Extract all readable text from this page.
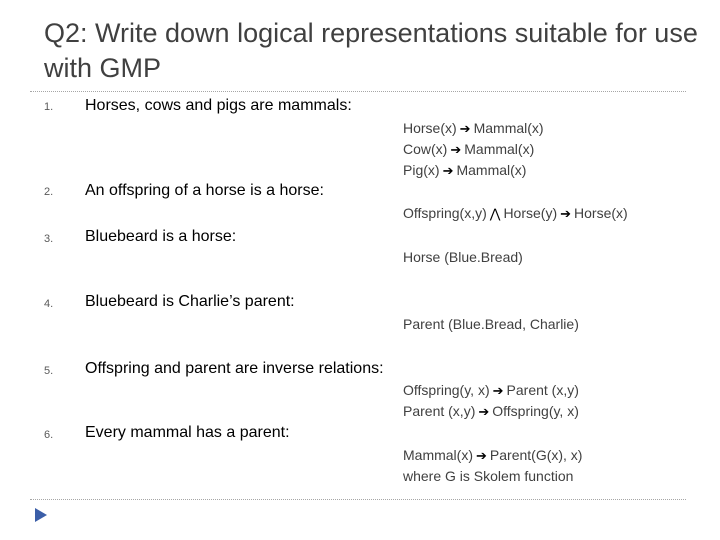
Q2: Write down logical representations suitable for use with GMP
1. Horses, cows and pigs are mammals:
Horse(x) ➔ Mammal(x)
Cow(x) ➔ Mammal(x)
Pig(x) ➔ Mammal(x)
2. An offspring of a horse is a horse:
Offspring(x,y) ⋀ Horse(y) ➔ Horse(x)
3. Bluebeard is a horse:
Horse (Blue.Bread)
4. Bluebeard is Charlie’s parent:
Parent (Blue.Bread, Charlie)
5. Offspring and parent are inverse relations:
Offspring(y, x) ➔ Parent (x,y)
Parent (x,y) ➔ Offspring(y, x)
6. Every mammal has a parent:
Mammal(x) ➔ Parent(G(x), x)
where G is Skolem function
